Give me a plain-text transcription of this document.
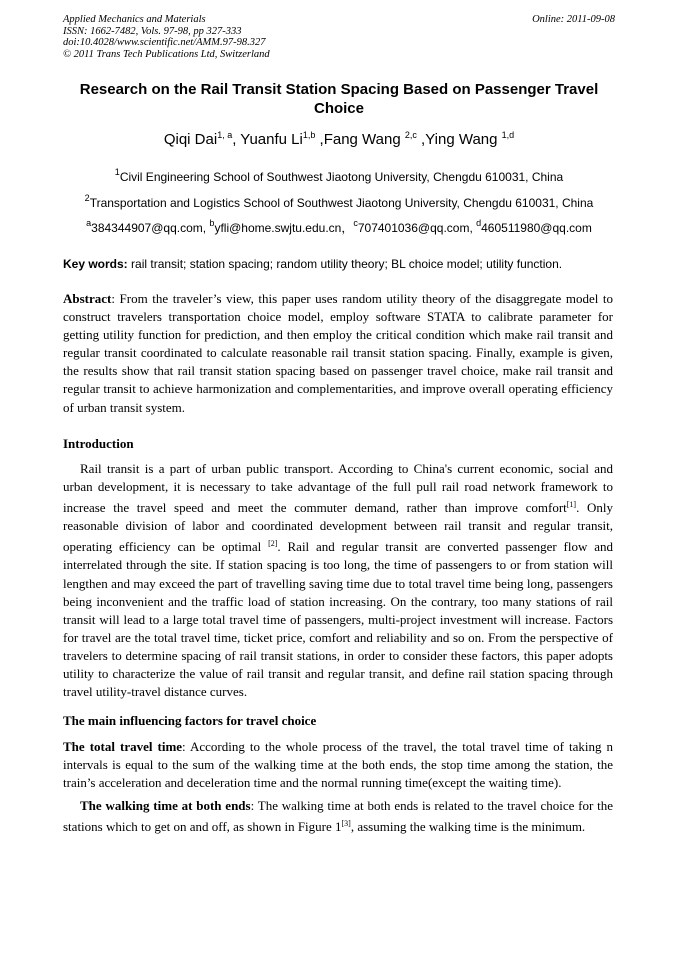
Applied Mechanics and Materials
ISSN: 1662-7482, Vols. 97-98, pp 327-333
doi:10.4028/www.scientific.net/AMM.97-98.327
© 2011 Trans Tech Publications Ltd, Switzerland
Online: 2011-09-08
Research on the Rail Transit Station Spacing Based on Passenger Travel Choice
Qiqi Dai$^{1, a}$, Yuanfu Li$^{1,b}$ ,Fang Wang $^{2,c}$ ,Ying Wang $^{1,d}$
$^1$Civil Engineering School of Southwest Jiaotong University, Chengdu 610031, China
$^2$Transportation and Logistics School of Southwest Jiaotong University, Chengdu 610031, China
$^a$384344907@qq.com, $^b$yfli@home.swjtu.edu.cn，$^c$707401036@qq.com, $^d$460511980@qq.com
Key words: rail transit; station spacing; random utility theory; BL choice model; utility function.
Abstract: From the traveler’s view, this paper uses random utility theory of the disaggregate model to construct travelers transportation choice model, employ software STATA to calibrate parameter for getting utility function for prediction, and then employ the critical condition which make rail transit and regular transit coordinated to calculate reasonable rail transit station spacing. Finally, example is given, the results show that rail transit station spacing based on passenger travel choice, make rail transit and regular transit to achieve harmonization and complementarities, and improve overall operating efficiency of urban transit system.
Introduction
Rail transit is a part of urban public transport. According to China's current economic, social and urban development, it is necessary to take advantage of the full pull rail road network framework to increase the travel speed and meet the commuter demand, rather than improve comfort[1]. Only reasonable division of labor and coordinated development between rail transit and regular transit, operating efficiency can be optimal [2]. Rail and regular transit are converted passenger flow and interrelated through the site. If station spacing is too long, the time of passengers to or from station will lengthen and may exceed the part of travelling saving time due to total travel time being long, passengers being inconvenient and the traffic load of station increasing. On the contrary, too many stations of rail transit will lead to a large total travel time of passengers, multi-project investment will increase. Factors for travel are the total travel time, ticket price, comfort and reliability and so on. From the perspective of travelers to determine spacing of rail transit stations, in order to consider these factors, this paper adopts utility to characterize the value of rail transit and regular transit, and define rail station spacing through travel utility-travel distance curves.
The main influencing factors for travel choice
The total travel time: According to the whole process of the travel, the total travel time of taking n intervals is equal to the sum of the walking time at the both ends, the stop time among the station, the train’s acceleration and deceleration time and the normal running time(except the waiting time).
The walking time at both ends: The walking time at both ends is related to the travel choice for the stations which to get on and off, as shown in Figure 1[3], assuming the walking time is the minimum.
